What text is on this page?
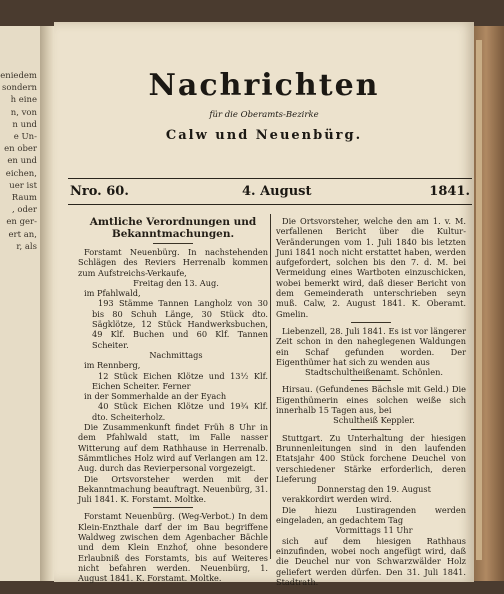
eniedem
sondern
h eine
n, von
n und
e Un-
en ober
en und
eichen,
uer ist
Raum
, oder
en ger-
ert an,
r, als
Nachrichten
für die Oberamts-Bezirke
Calw und Neuenbürg.
Nro. 60.	4. August	1841.
Amtliche Verordnungen und Bekanntmachungen.

Forstamt Neuenbürg. In nachstehenden Schlägen des Reviers Herrenalb kommen zum Aufstreichs-Verkaufe,

Freitag den 13. Aug.

im Pfahlwald,

193 Stämme Tannen Langholz von 30 bis 80 Schuh Länge, 30 Stück dto. Sägklötze, 12 Stück Handwerksbuchen, 49 Klf. Buchen und 60 Klf. Tannen Scheiter.

Nachmittags

im Rennberg,

12 Stück Eichen Klötze und 13½ Klf. Eichen Scheiter. Ferner

in der Sommerhalde an der Eyach

40 Stück Eichen Klötze und 19¾ Klf. dto. Scheiterholz.

Die Zusammenkunft findet Früh 8 Uhr in dem Pfahlwald statt, im Falle nasser Witterung auf dem Rathhause in Herrenalb. Sämmtliches Holz wird auf Verlangen am 12. Aug. durch das Revierpersonal vorgezeigt.

Die Ortsvorsteher werden mit der Bekanntmachung beauftragt. Neuenbürg, 31. Juli 1841. K. Forstamt. Moltke.

Forstamt Neuenbürg. (Weg-Verbot.) In dem Klein-Enzthale darf der im Bau begriffene Waldweg zwischen dem Agenbacher Bächle und dem Klein Enzhof, ohne besondere Erlaubniß des Forstamts, bis auf Weiteres nicht befahren werden. Neuenbürg, 1. August 1841. K. Forstamt. Moltke.

Die Ortsvorsteher, welche den am 1. v. M. verfallenen Bericht über die Kultur-Veränderungen vom 1. Juli 1840 bis letzten Juni 1841 noch nicht erstattet haben, werden aufgefordert, solchen bis den 7. d. M. bei Vermeidung eines Wartboten einzuschicken, wobei bemerkt wird, daß dieser Bericht von dem Gemeinderath unterschrieben seyn muß. Calw, 2. August 1841. K. Oberamt. Gmelin.

Liebenzell, 28. Juli 1841. Es ist vor längerer Zeit schon in den naheglegenen Waldungen ein Schaf gefunden worden. Der Eigenthümer hat sich zu wenden aus

Stadtschultheißenamt. Schönlen.

Hirsau. (Gefundenes Bächsle mit Geld.) Die Eigenthümerin eines solchen weiße sich innerhalb 15 Tagen aus, bei

Schultheiß Keppler.

Stuttgart. Zu Unterhaltung der hiesigen Brunnenleitungen sind in den laufenden Etatsjahr 400 Stück forchene Deuchel von verschiedener Stärke erforderlich, deren Lieferung

Donnerstag den 19. August

verakkordirt werden wird.

Die hiezu Lustiragenden werden eingeladen, an gedachtem Tag

Vormittags 11 Uhr

sich auf dem hiesigen Rathhaus einzufinden, wobei noch angefügt wird, daß die Deuchel nur von Schwarzwälder Holz geliefert werden dürfen. Den 31. Juli 1841. Stadtrath.
